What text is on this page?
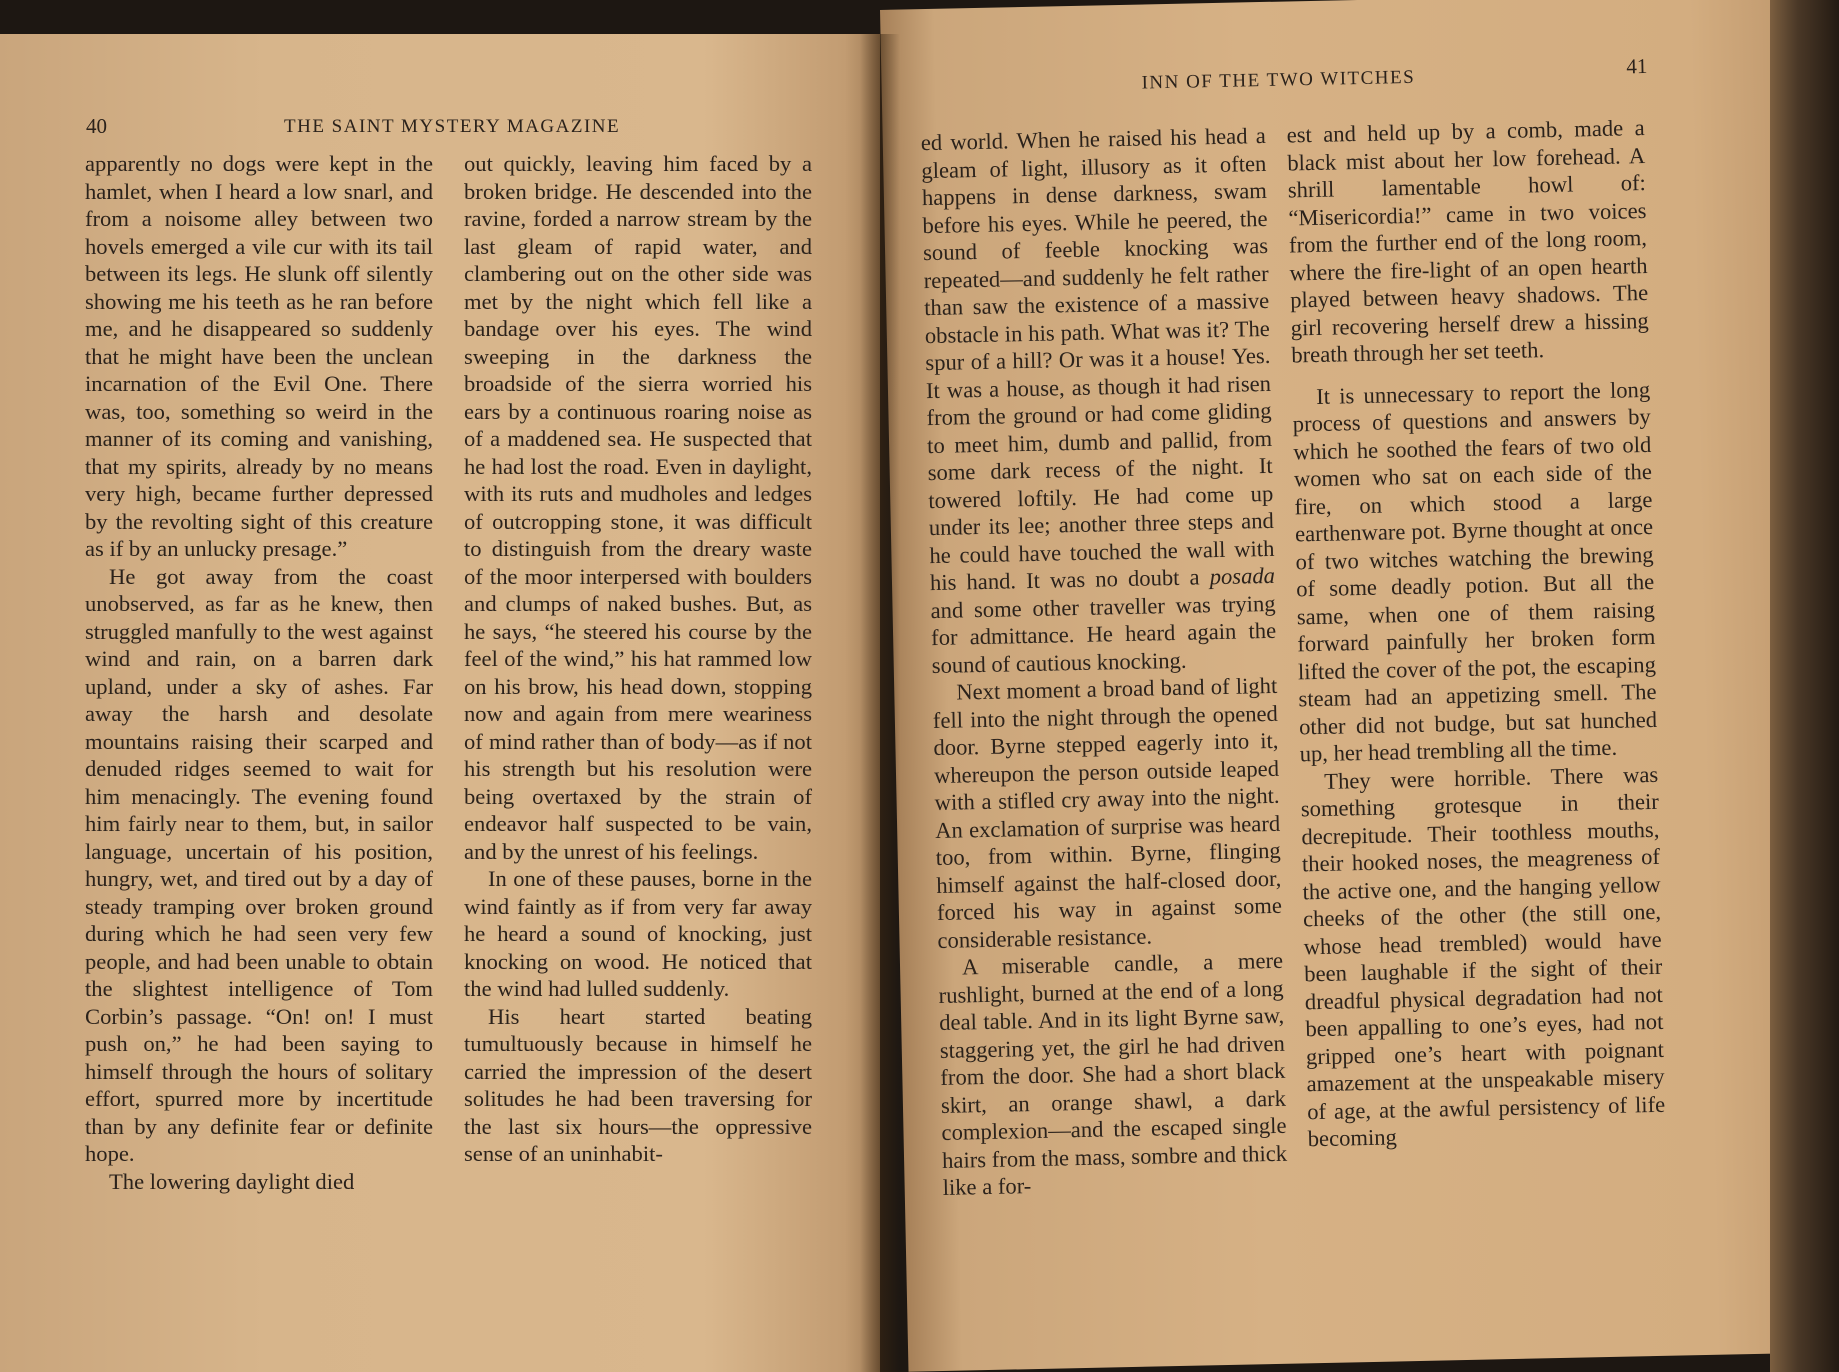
40	THE SAINT MYSTERY MAGAZINE

apparently no dogs were kept in the hamlet, when I heard a low snarl, and from a noisome alley between two hovels emerged a vile cur with its tail between its legs. He slunk off silently showing me his teeth as he ran before me, and he disappeared so suddenly that he might have been the unclean incarnation of the Evil One. There was, too, something so weird in the manner of its coming and vanishing, that my spirits, already by no means very high, became further depressed by the revolting sight of this creature as if by an unlucky presage.”

He got away from the coast unobserved, as far as he knew, then struggled manfully to the west against wind and rain, on a barren dark upland, under a sky of ashes. Far away the harsh and desolate mountains raising their scarped and denuded ridges seemed to wait for him menacingly. The evening found him fairly near to them, but, in sailor language, uncertain of his position, hungry, wet, and tired out by a day of steady tramping over broken ground during which he had seen very few people, and had been unable to obtain the slightest intelligence of Tom Corbin’s passage. “On! on! I must push on,” he had been saying to himself through the hours of solitary effort, spurred more by incertitude than by any definite fear or definite hope.

The lowering daylight died

out quickly, leaving him faced by a broken bridge. He descended into the ravine, forded a narrow stream by the last gleam of rapid water, and clambering out on the other side was met by the night which fell like a bandage over his eyes. The wind sweeping in the darkness the broadside of the sierra worried his ears by a continuous roaring noise as of a maddened sea. He suspected that he had lost the road. Even in daylight, with its ruts and mudholes and ledges of outcropping stone, it was difficult to distinguish from the dreary waste of the moor interpersed with boulders and clumps of naked bushes. But, as he says, “he steered his course by the feel of the wind,” his hat rammed low on his brow, his head down, stopping now and again from mere weariness of mind rather than of body—as if not his strength but his resolution were being overtaxed by the strain of endeavor half suspected to be vain, and by the unrest of his feelings.

In one of these pauses, borne in the wind faintly as if from very far away he heard a sound of knocking, just knocking on wood. He noticed that the wind had lulled suddenly.

His heart started beating tumultuously because in himself he carried the impression of the desert solitudes he had been traversing for the last six hours—the oppressive sense of an uninhabit-

INN OF THE TWO WITCHES
41

ed world. When he raised his head a gleam of light, illusory as it often happens in dense darkness, swam before his eyes. While he peered, the sound of feeble knocking was repeated—and suddenly he felt rather than saw the existence of a massive obstacle in his path. What was it? The spur of a hill? Or was it a house! Yes. It was a house, as though it had risen from the ground or had come gliding to meet him, dumb and pallid, from some dark recess of the night. It towered loftily. He had come up under its lee; another three steps and he could have touched the wall with his hand. It was no doubt a posada and some other traveller was trying for admittance. He heard again the sound of cautious knocking.

Next moment a broad band of light fell into the night through the opened door. Byrne stepped eagerly into it, whereupon the person outside leaped with a stifled cry away into the night. An exclamation of surprise was heard too, from within. Byrne, flinging himself against the half-closed door, forced his way in against some considerable resistance.

A miserable candle, a mere rushlight, burned at the end of a long deal table. And in its light Byrne saw, staggering yet, the girl he had driven from the door. She had a short black skirt, an orange shawl, a dark complexion—and the escaped single hairs from the mass, sombre and thick like a for-

est and held up by a comb, made a black mist about her low forehead. A shrill lamentable howl of: “Misericordia!” came in two voices from the further end of the long room, where the fire-light of an open hearth played between heavy shadows. The girl recovering herself drew a hissing breath through her set teeth.

It is unnecessary to report the long process of questions and answers by which he soothed the fears of two old women who sat on each side of the fire, on which stood a large earthenware pot. Byrne thought at once of two witches watching the brewing of some deadly potion. But all the same, when one of them raising forward painfully her broken form lifted the cover of the pot, the escaping steam had an appetizing smell. The other did not budge, but sat hunched up, her head trembling all the time.

They were horrible. There was something grotesque in their decrepitude. Their toothless mouths, their hooked noses, the meagreness of the active one, and the hanging yellow cheeks of the other (the still one, whose head trembled) would have been laughable if the sight of their dreadful physical degradation had not been appalling to one’s eyes, had not gripped one’s heart with poignant amazement at the unspeakable misery of age, at the awful persistency of life becoming
